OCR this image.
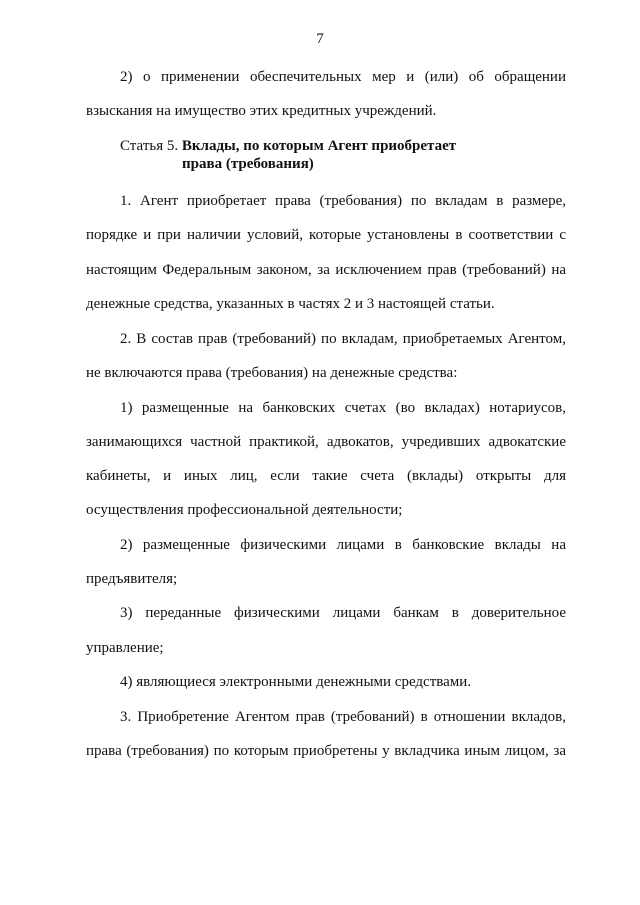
7
2) о применении обеспечительных мер и (или) об обращении
взыскания на имущество этих кредитных учреждений.
Статья 5. Вклады, по которым Агент приобретает
права (требования)
1. Агент приобретает права (требования) по вкладам в размере,
порядке и при наличии условий, которые установлены в соответствии с
настоящим Федеральным законом, за исключением прав (требований) на
денежные средства, указанных в частях 2 и 3 настоящей статьи.
2. В состав прав (требований) по вкладам, приобретаемых Агентом,
не включаются права (требования) на денежные средства:
1) размещенные на банковских счетах (во вкладах) нотариусов,
занимающихся частной практикой, адвокатов, учредивших адвокатские
кабинеты, и иных лиц, если такие счета (вклады) открыты для
осуществления профессиональной деятельности;
2) размещенные физическими лицами в банковские вклады на
предъявителя;
3) переданные физическими лицами банкам в доверительное
управление;
4) являющиеся электронными денежными средствами.
3. Приобретение Агентом прав (требований) в отношении вкладов,
права (требования) по которым приобретены у вкладчика иным лицом, за
